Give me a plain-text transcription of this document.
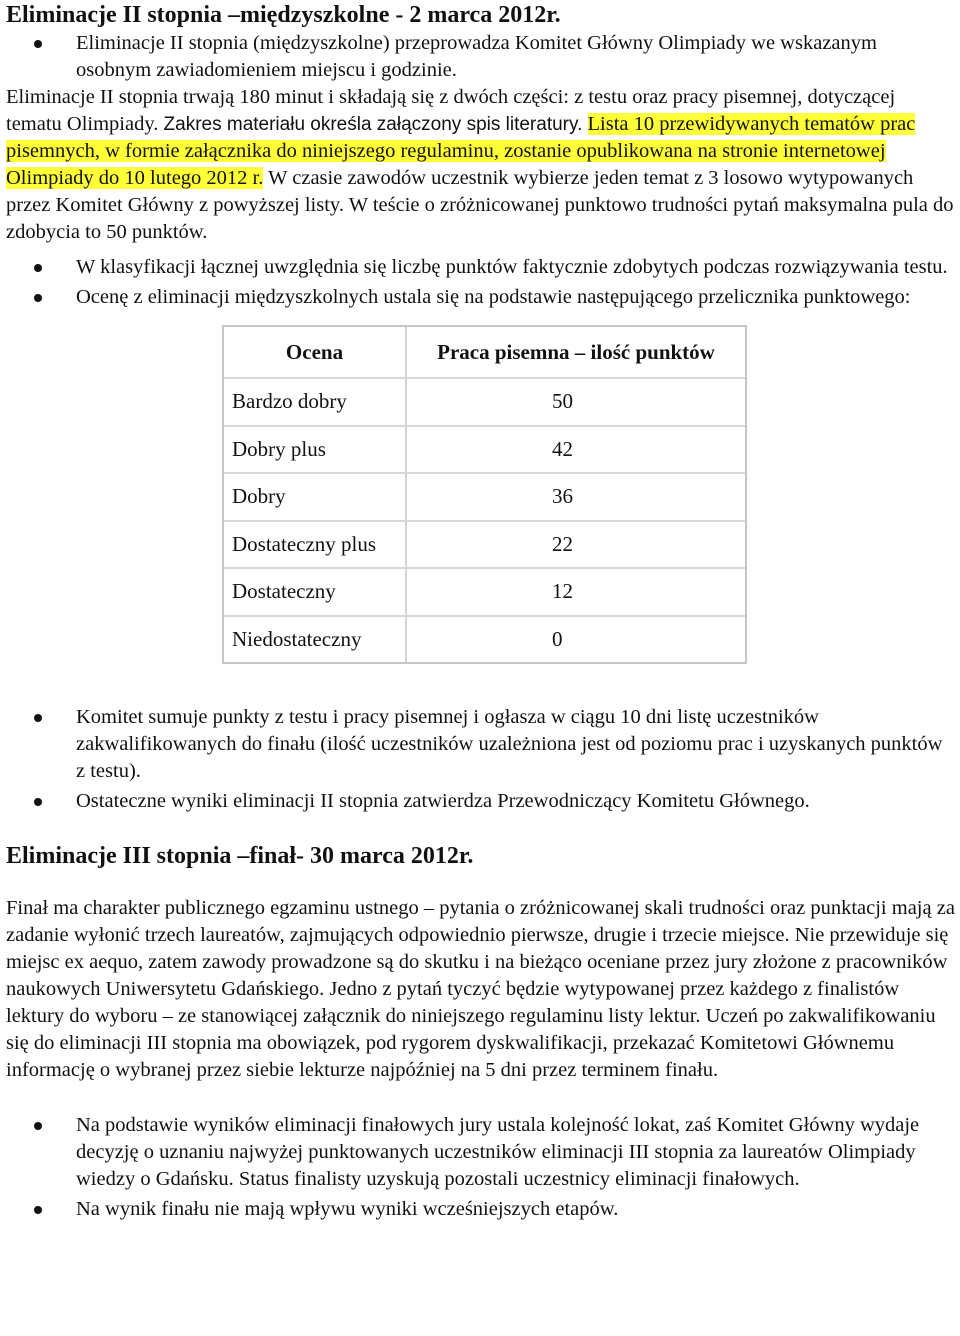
Eliminacje II stopnia –międzyszkolne - 2 marca 2012r.
Eliminacje II stopnia (międzyszkolne) przeprowadza Komitet Główny Olimpiady we wskazanym osobnym zawiadomieniem miejscu i godzinie.

Eliminacje II stopnia trwają 180 minut i składają się z dwóch części: z testu oraz pracy pisemnej, dotyczącej tematu Olimpiady. Zakres materiału określa załączony spis literatury. Lista 10 przewidywanych tematów prac pisemnych, w formie załącznika do niniejszego regulaminu, zostanie opublikowana na stronie internetowej Olimpiady do 10 lutego 2012 r. W czasie zawodów uczestnik wybierze jeden temat z 3 losowo wytypowanych przez Komitet Główny z powyższej listy. W teście o zróżnicowanej punktowo trudności pytań maksymalna pula do zdobycia to 50 punktów.

W klasyfikacji łącznej uwzględnia się liczbę punktów faktycznie zdobytych podczas rozwiązywania testu.
Ocenę z eliminacji międzyszkolnych ustala się na podstawie następującego przelicznika punktowego:
Ocena	Praca pisemna – ilość punktów
Bardzo dobry	50
Dobry plus	42
Dobry	36
Dostateczny plus	22
Dostateczny	12
Niedostateczny	0
Komitet sumuje punkty z testu i pracy pisemnej i ogłasza w ciągu 10 dni listę uczestników zakwalifikowanych do finału (ilość uczestników uzależniona jest od poziomu prac i uzyskanych punktów z testu).
Ostateczne wyniki eliminacji II stopnia zatwierdza Przewodniczący Komitetu Głównego.
Eliminacje III stopnia –finał- 30 marca 2012r.

Finał ma charakter publicznego egzaminu ustnego – pytania o zróżnicowanej skali trudności oraz punktacji mają za zadanie wyłonić trzech laureatów, zajmujących odpowiednio pierwsze, drugie i trzecie miejsce. Nie przewiduje się miejsc ex aequo, zatem zawody prowadzone są do skutku i na bieżąco oceniane przez jury złożone z pracowników naukowych Uniwersytetu Gdańskiego. Jedno z pytań tyczyć będzie wytypowanej przez każdego z finalistów lektury do wyboru – ze stanowiącej załącznik do niniejszego regulaminu listy lektur. Uczeń po zakwalifikowaniu się do eliminacji III stopnia ma obowiązek, pod rygorem dyskwalifikacji, przekazać Komitetowi Głównemu informację o wybranej przez siebie lekturze najpóźniej na 5 dni przez terminem finału.

Na podstawie wyników eliminacji finałowych jury ustala kolejność lokat, zaś Komitet Główny wydaje decyzję o uznaniu najwyżej punktowanych uczestników eliminacji III stopnia za laureatów Olimpiady wiedzy o Gdańsku. Status finalisty uzyskują pozostali uczestnicy eliminacji finałowych.
Na wynik finału nie mają wpływu wyniki wcześniejszych etapów.
